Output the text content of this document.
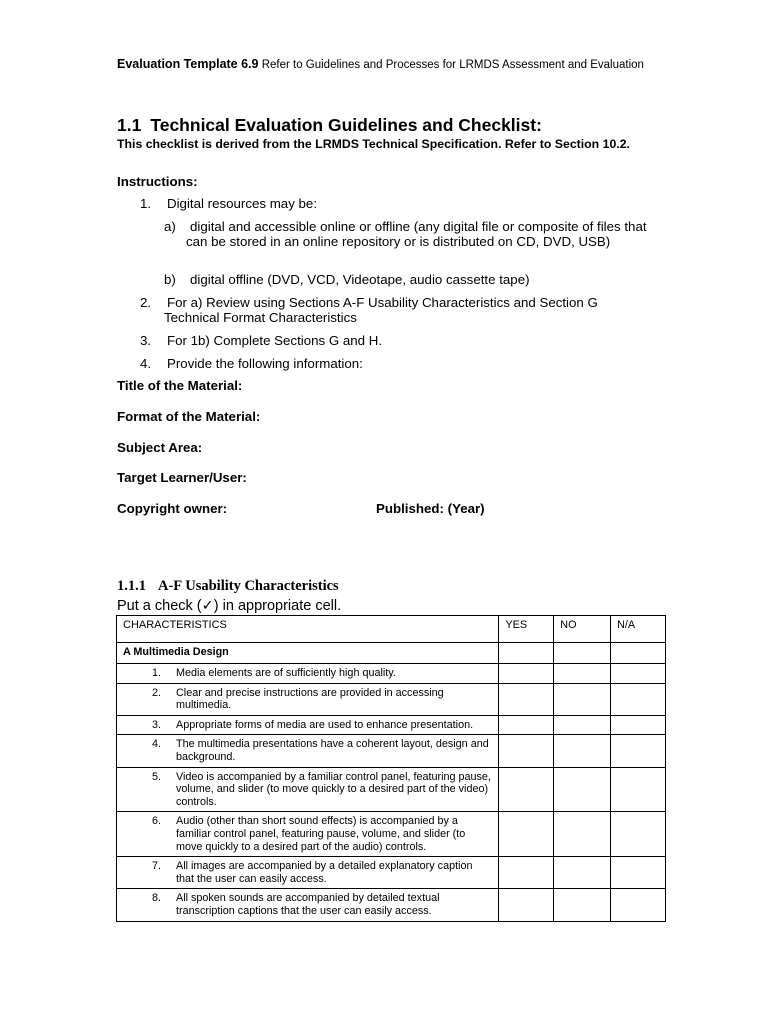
Evaluation Template 6.9 Refer to Guidelines and Processes for LRMDS Assessment and Evaluation
1.1 Technical Evaluation Guidelines and Checklist:
This checklist is derived from the LRMDS Technical Specification. Refer to Section 10.2.
Instructions:
1. Digital resources may be:
a)	digital and accessible online or offline (any digital file or composite of files that can be stored in an online repository or is distributed on CD, DVD, USB)
b) digital offline (DVD, VCD, Videotape, audio cassette tape)
2. For a) Review using Sections A-F Usability Characteristics and Section G Technical Format Characteristics
3. For 1b) Complete Sections G and H.
4. Provide the following information:
Title of the Material:
Format of the Material:
Subject Area:
Target Learner/User:
Copyright owner:	Published: (Year)
1.1.1 A-F Usability Characteristics
Put a check (✓) in appropriate cell.
CHARACTERISTICS	YES	NO	N/A
A Multimedia Design			

1. Media elements are of sufficiently high quality.			

2. Clear and precise instructions are provided in accessing multimedia.			

3. Appropriate forms of media are used to enhance presentation.			

4. The multimedia presentations have a coherent layout, design and background.			

5. Video is accompanied by a familiar control panel, featuring pause, volume, and slider (to move quickly to a desired part of the video) controls.			

6. Audio (other than short sound effects) is accompanied by a familiar control panel, featuring pause, volume, and slider (to move quickly to a desired part of the audio) controls.			

7. All images are accompanied by a detailed explanatory caption that the user can easily access.			

8. All spoken sounds are accompanied by detailed textual transcription captions that the user can easily access.			
